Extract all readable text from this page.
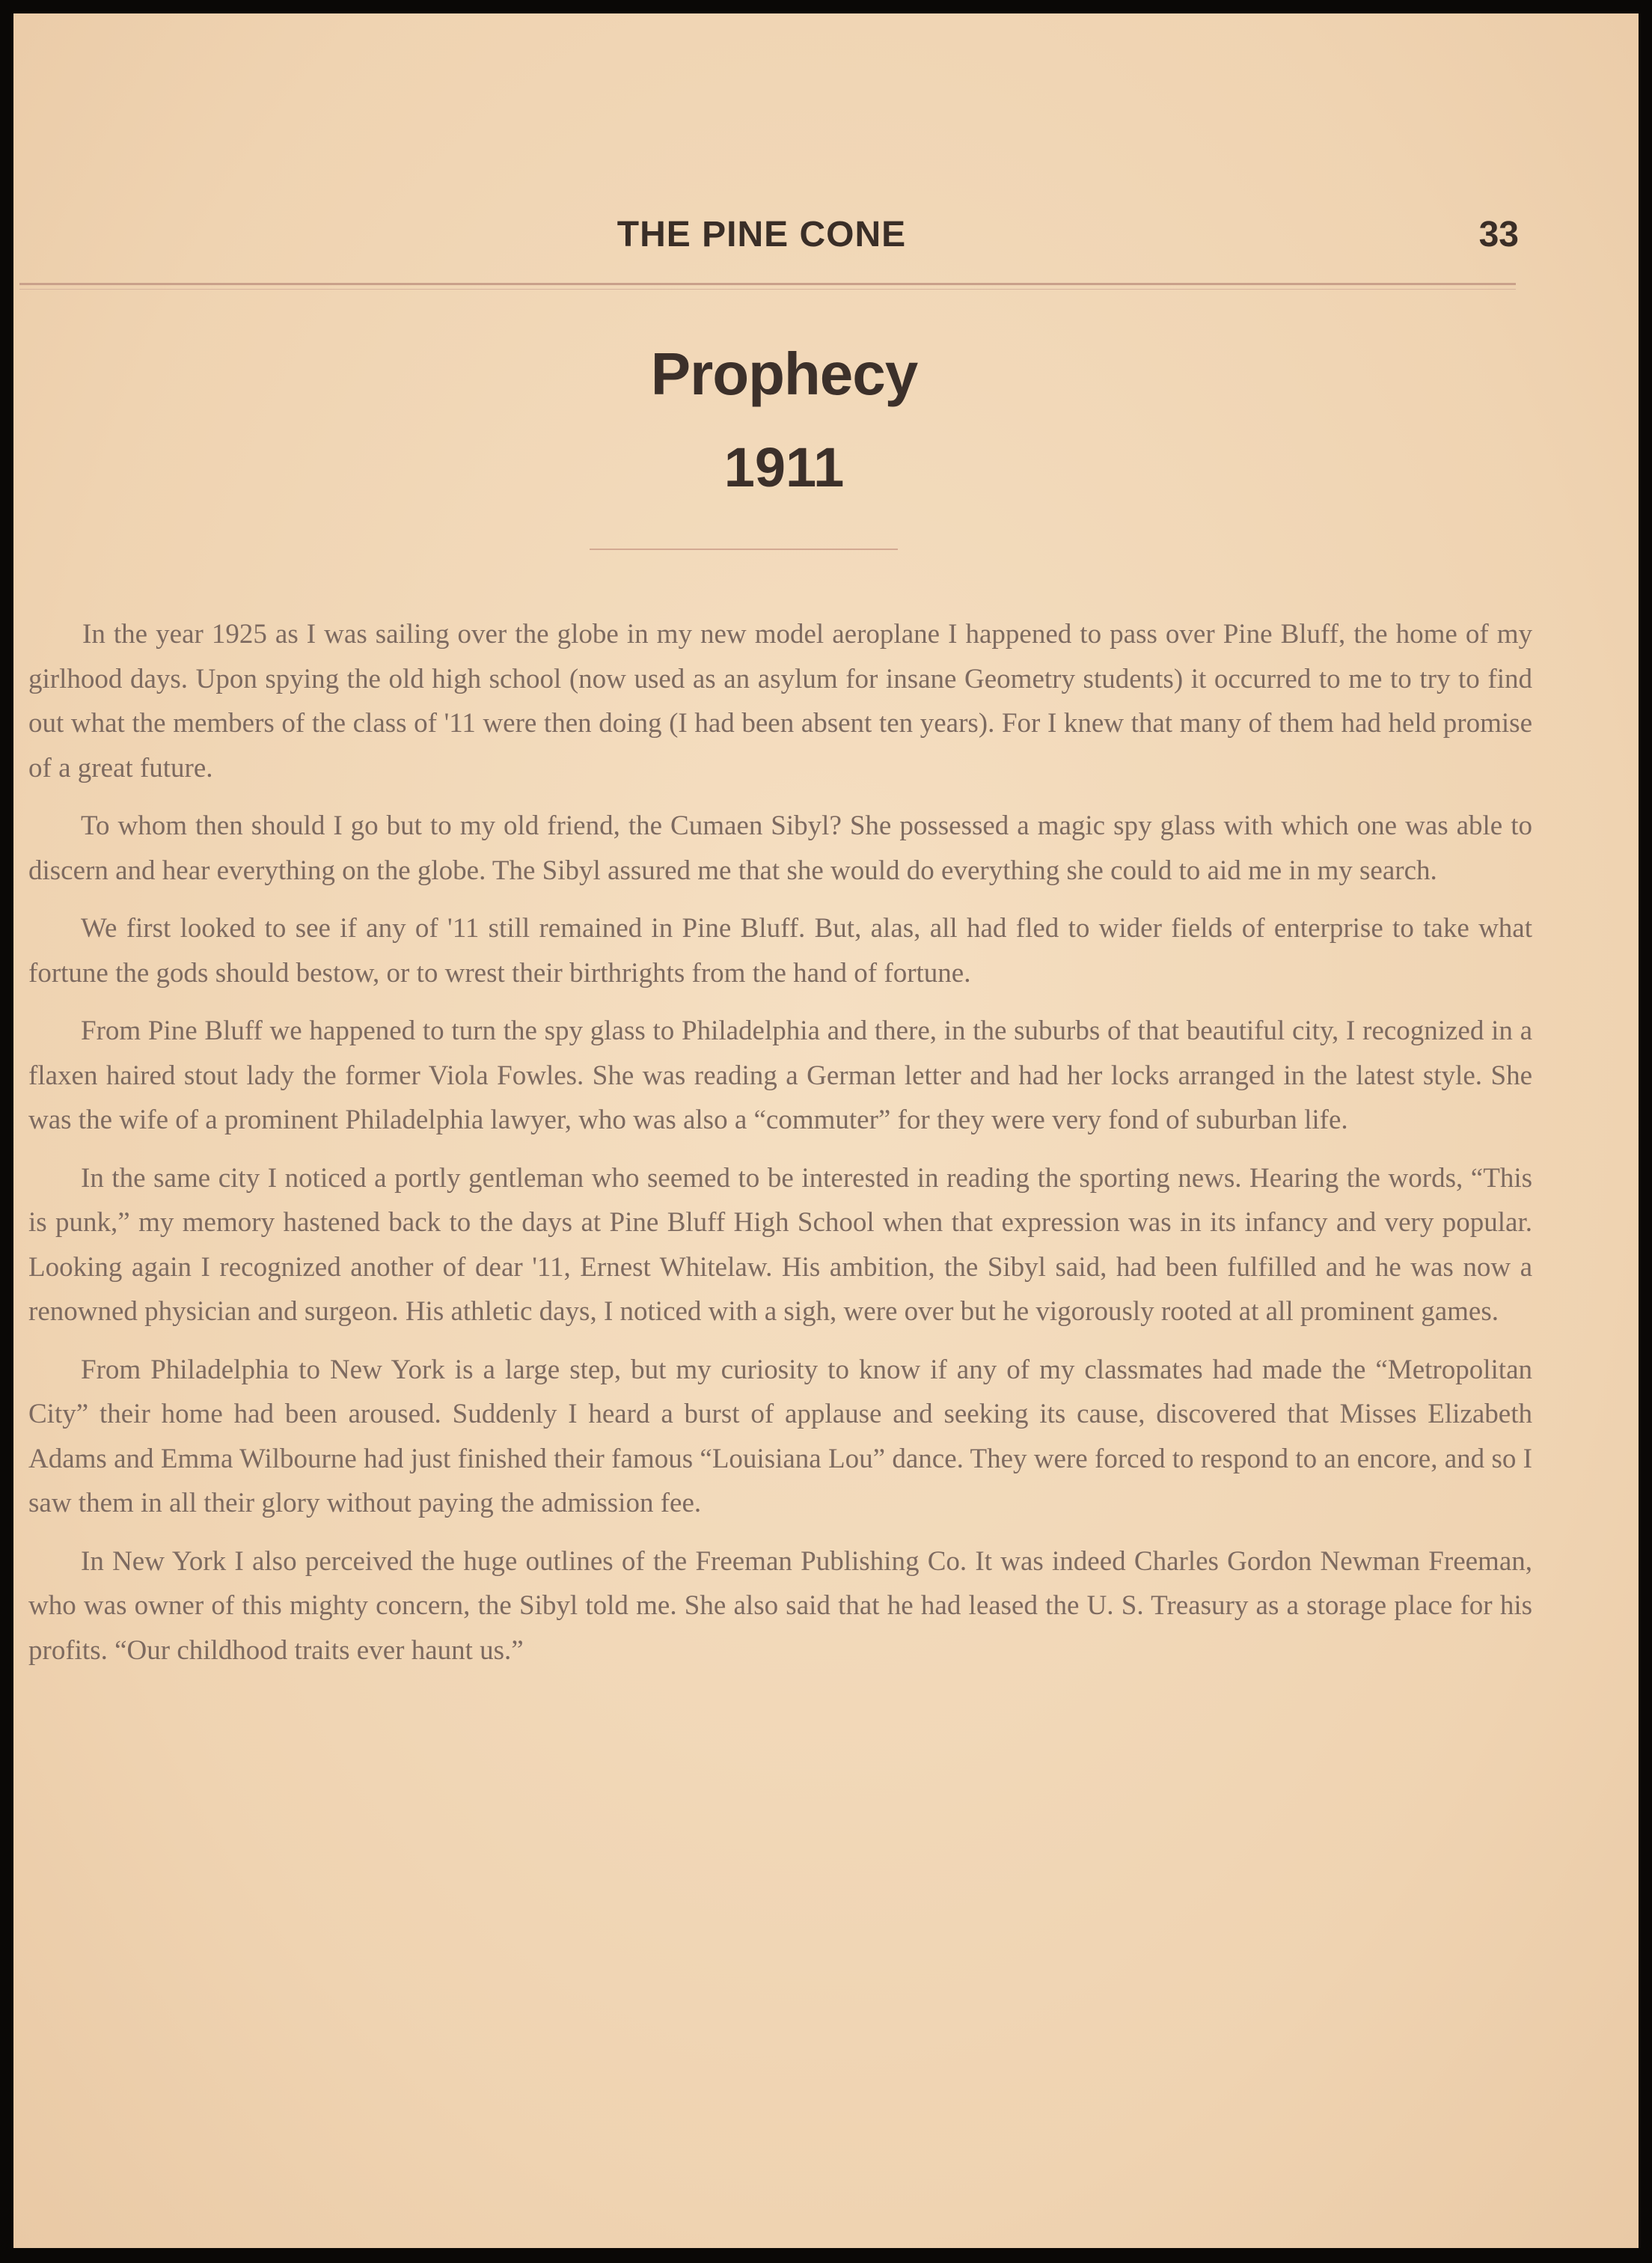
THE PINE CONE	33
Prophecy
1911

In the year 1925 as I was sailing over the globe in my new model aeroplane I happened to pass over Pine Bluff, the home of my girlhood days. Upon spying the old high school (now used as an asylum for insane Geometry students) it occurred to me to try to find out what the members of the class of '11 were then doing (I had been absent ten years). For I knew that many of them had held promise of a great future.

To whom then should I go but to my old friend, the Cumaen Sibyl? She possessed a magic spy glass with which one was able to discern and hear everything on the globe. The Sibyl assured me that she would do everything she could to aid me in my search.

We first looked to see if any of '11 still remained in Pine Bluff. But, alas, all had fled to wider fields of enterprise to take what fortune the gods should bestow, or to wrest their birthrights from the hand of fortune.

From Pine Bluff we happened to turn the spy glass to Philadelphia and there, in the suburbs of that beautiful city, I recognized in a flaxen haired stout lady the former Viola Fowles. She was reading a German letter and had her locks arranged in the latest style. She was the wife of a prominent Philadelphia lawyer, who was also a “commuter” for they were very fond of suburban life.

In the same city I noticed a portly gentleman who seemed to be interested in reading the sporting news. Hearing the words, “This is punk,” my memory hastened back to the days at Pine Bluff High School when that expression was in its infancy and very popular. Looking again I recognized another of dear '11, Ernest Whitelaw. His ambition, the Sibyl said, had been fulfilled and he was now a renowned physician and surgeon. His athletic days, I noticed with a sigh, were over but he vigorously rooted at all prominent games.

From Philadelphia to New York is a large step, but my curiosity to know if any of my classmates had made the “Metropolitan City” their home had been aroused. Suddenly I heard a burst of applause and seeking its cause, discovered that Misses Elizabeth Adams and Emma Wilbourne had just finished their famous “Louisiana Lou” dance. They were forced to respond to an encore, and so I saw them in all their glory without paying the admission fee.

In New York I also perceived the huge outlines of the Freeman Publishing Co. It was indeed Charles Gordon Newman Freeman, who was owner of this mighty concern, the Sibyl told me. She also said that he had leased the U. S. Treasury as a storage place for his profits. “Our childhood traits ever haunt us.”
